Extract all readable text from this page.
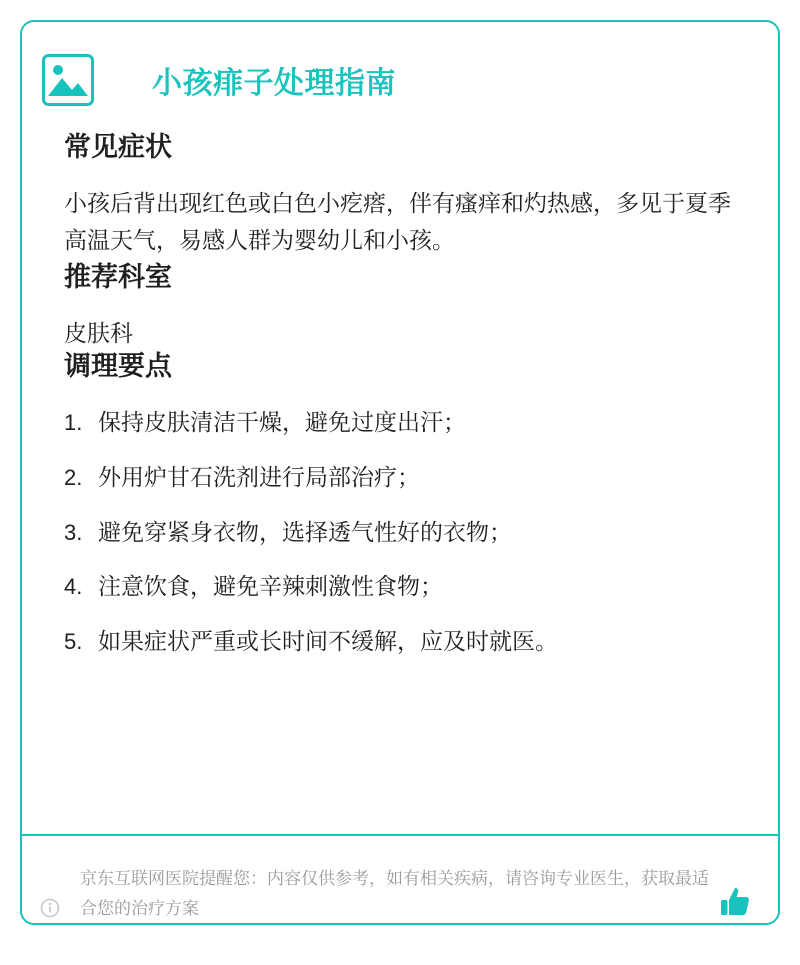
小孩痱子处理指南
常见症状

小孩后背出现红色或白色小疙瘩，伴有瘙痒和灼热感，多见于夏季高温天气，易感人群为婴幼儿和小孩。

推荐科室

皮肤科

调理要点
1. 保持皮肤清洁干燥，避免过度出汗；
2. 外用炉甘石洗剂进行局部治疗；
3. 避免穿紧身衣物，选择透气性好的衣物；
4. 注意饮食，避免辛辣刺激性食物；
5. 如果症状严重或长时间不缓解，应及时就医。
京东互联网医院提醒您：内容仅供参考，如有相关疾病，请咨询专业医生，获取最适合您的治疗方案
